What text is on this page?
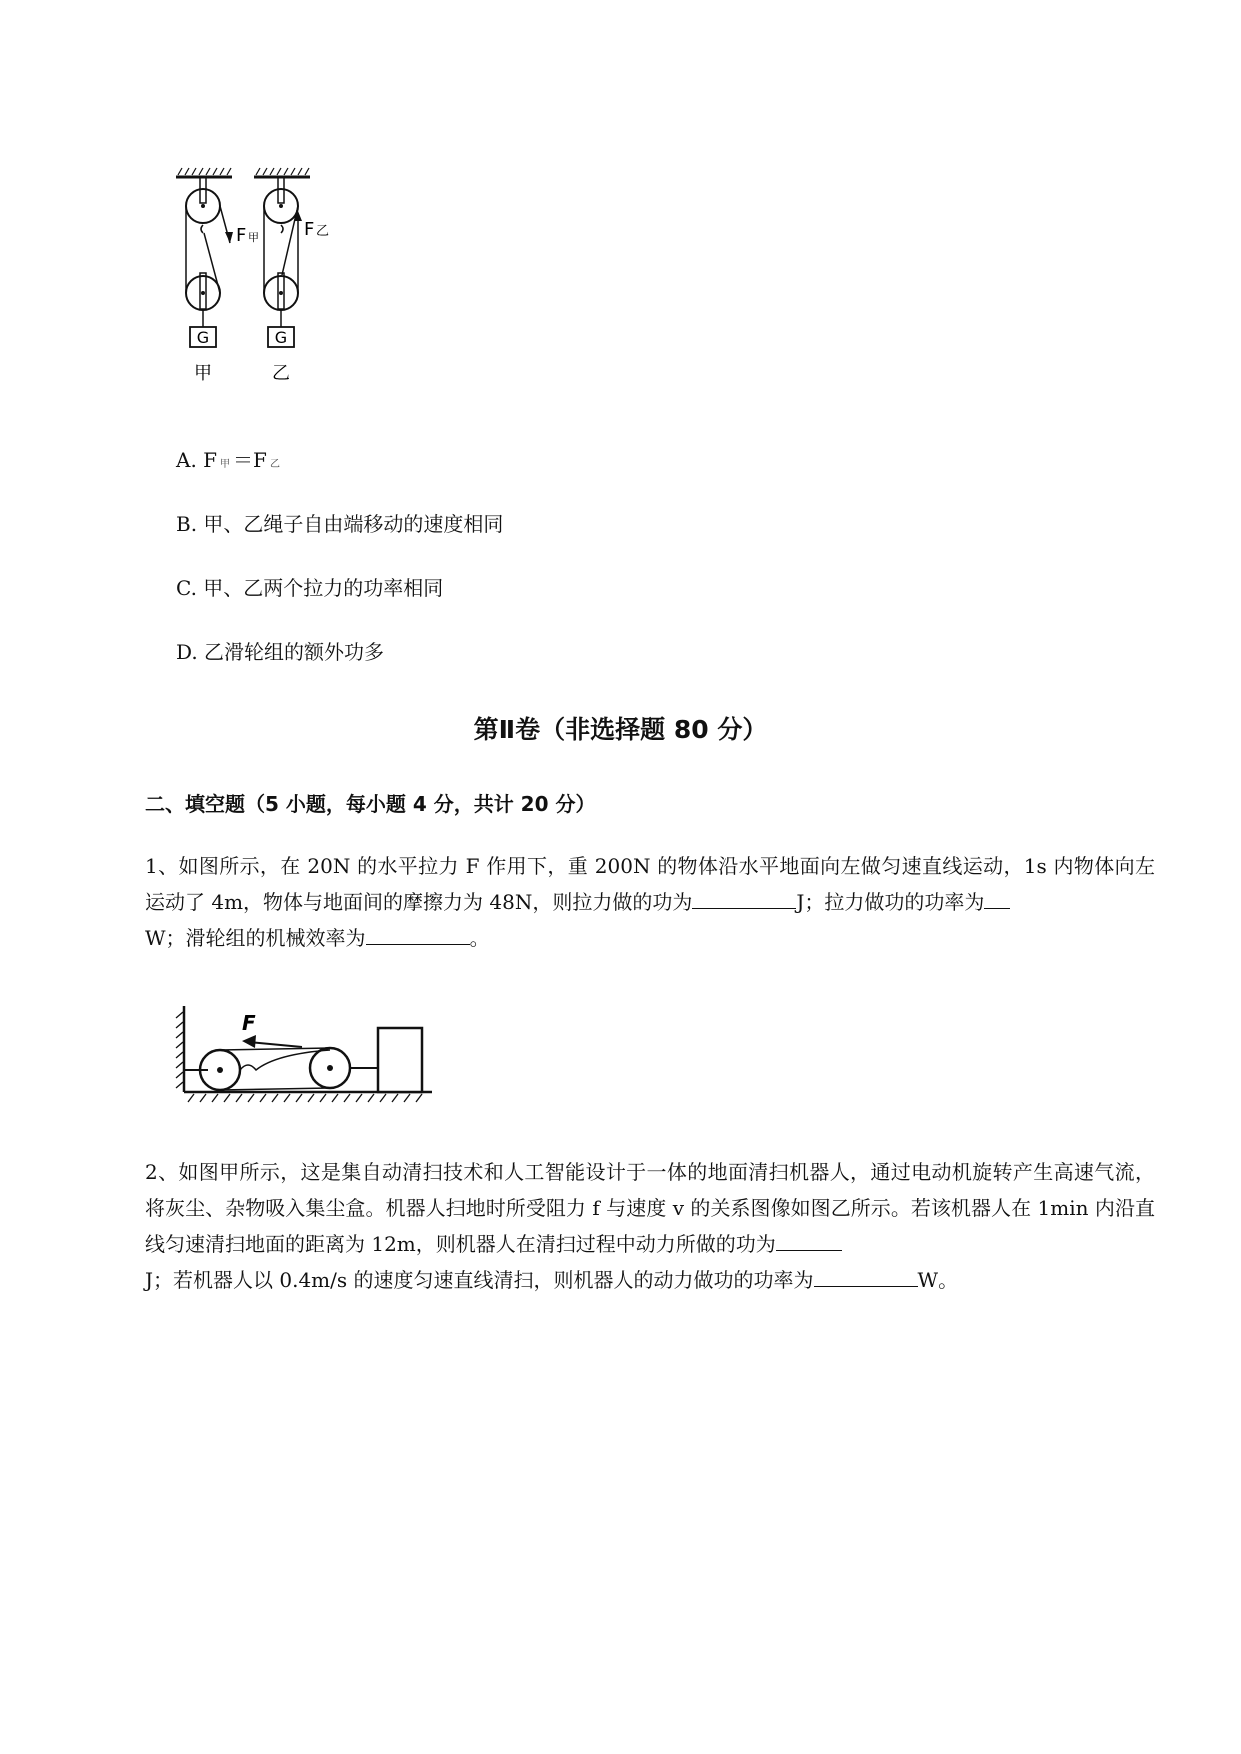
G	G
F 甲	F 乙
甲	乙
A. F 甲 ＝F 乙
B. 甲、乙绳子自由端移动的速度相同
C. 甲、乙两个拉力的功率相同
D. 乙滑轮组的额外功多
第Ⅱ卷（非选择题 80 分）
二、填空题（5 小题，每小题 4 分，共计 20 分）
1、如图所示，在 20N 的水平拉力 F 作用下，重 200N 的物体沿水平地面向左做匀速直线运动，1s 内物体向左运动了 4m，物体与地面间的摩擦力为 48N，则拉力做的功为	J；拉力做功的功率为
W；滑轮组的机械效率为	。
F
2、如图甲所示，这是集自动清扫技术和人工智能设计于一体的地面清扫机器人，通过电动机旋转产生高速气流，将灰尘、杂物吸入集尘盒。机器人扫地时所受阻力 f 与速度 v 的关系图像如图乙所示。若该机器人在 1min 内沿直线匀速清扫地面的距离为 12m，则机器人在清扫过程中动力所做的功为
J；若机器人以 0.4m/s 的速度匀速直线清扫，则机器人的动力做功的功率为	W。
